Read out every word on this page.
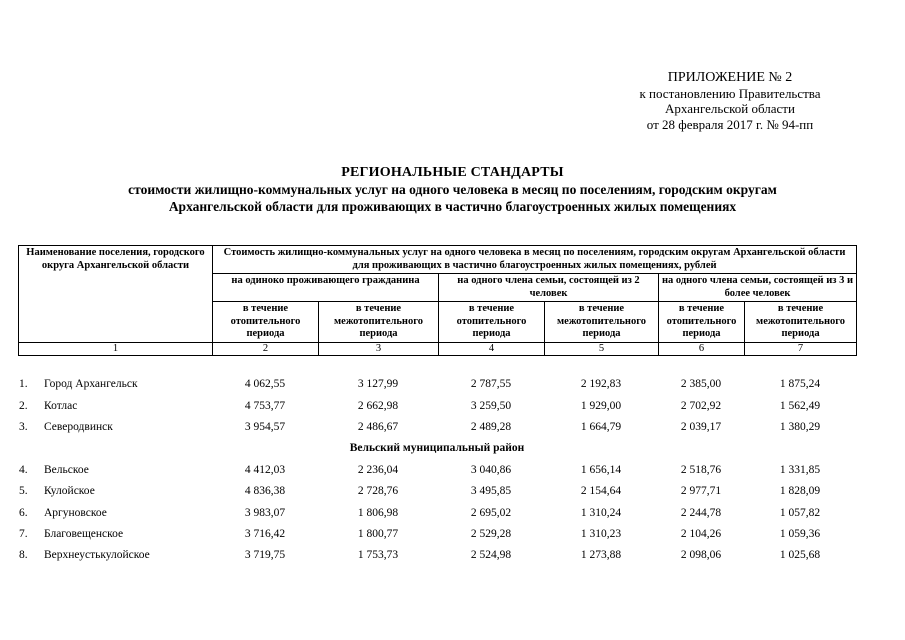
ПРИЛОЖЕНИЕ № 2
к постановлению Правительства
Архангельской области
от 28 февраля 2017 г. № 94-пп
РЕГИОНАЛЬНЫЕ СТАНДАРТЫ
стоимости жилищно-коммунальных услуг на одного человека в месяц по поселениям, городским округам
Архангельской области для проживающих в частично благоустроенных жилых помещениях
Наименование поселения, городского округа Архангельской области	Стоимость жилищно-коммунальных услуг на одного человека в месяц по поселениям, городским округам Архангельской области для проживающих в частично благоустроенных жилых помещениях, рублей					
	на одиноко проживающего гражданина		на одного члена семьи, состоящей из 2 человек		на одного члена семьи, состоящей из 3 и более человек	
	в течение отопительного периода	в течение межотопительного периода	в течение отопительного периода	в течение межотопительного периода	в течение отопительного периода	в течение межотопительного периода
1	2	3	4	5	6	7
1.	Город Архангельск	4 062,55	3 127,99	2 787,55	2 192,83	2 385,00	1 875,24
2.	Котлас	4 753,77	2 662,98	3 259,50	1 929,00	2 702,92	1 562,49
3.	Северодвинск	3 954,57	2 486,67	2 489,28	1 664,79	2 039,17	1 380,29
Вельский муниципальный район							
4.	Вельское	4 412,03	2 236,04	3 040,86	1 656,14	2 518,76	1 331,85
5.	Кулойское	4 836,38	2 728,76	3 495,85	2 154,64	2 977,71	1 828,09
6.	Аргуновское	3 983,07	1 806,98	2 695,02	1 310,24	2 244,78	1 057,82
7.	Благовещенское	3 716,42	1 800,77	2 529,28	1 310,23	2 104,26	1 059,36
8.	Верхнеустькулойское	3 719,75	1 753,73	2 524,98	1 273,88	2 098,06	1 025,68
